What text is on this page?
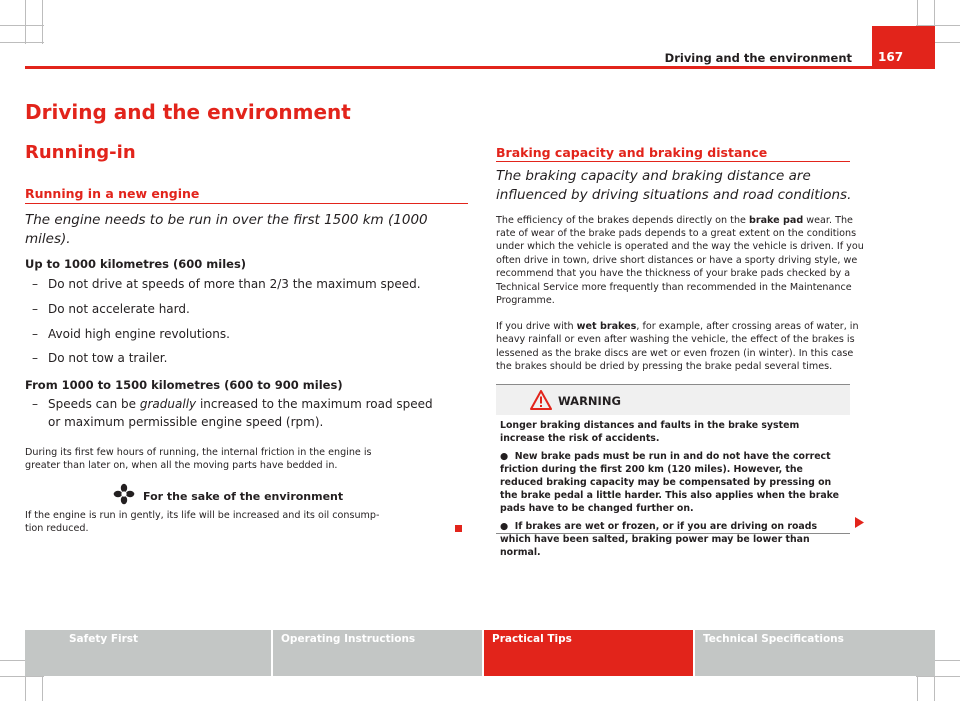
167
Driving and the environment
Driving and the environment
Running-in
Running in a new engine
The engine needs to be run in over the first 1500 km (1000 miles).
Up to 1000 kilometres (600 miles)
– Do not drive at speeds of more than 2/3 the maximum speed.
– Do not accelerate hard.
– Avoid high engine revolutions.
– Do not tow a trailer.
From 1000 to 1500 kilometres (600 to 900 miles)
– Speeds can be gradually increased to the maximum road speed
or maximum permissible engine speed (rpm).
During its first few hours of running, the internal friction in the engine is
greater than later on, when all the moving parts have bedded in.
For the sake of the environment
If the engine is run in gently, its life will be increased and its oil consump-
tion reduced.
Braking capacity and braking distance
The braking capacity and braking distance are influenced by driving situations and road conditions.
The efficiency of the brakes depends directly on the brake pad wear. The
rate of wear of the brake pads depends to a great extent on the conditions
under which the vehicle is operated and the way the vehicle is driven. If you
often drive in town, drive short distances or have a sporty driving style, we
recommend that you have the thickness of your brake pads checked by a
Technical Service more frequently than recommended in the Maintenance
Programme.
If you drive with wet brakes, for example, after crossing areas of water, in
heavy rainfall or even after washing the vehicle, the effect of the brakes is
lessened as the brake discs are wet or even frozen (in winter). In this case
the brakes should be dried by pressing the brake pedal several times.
WARNING

Longer braking distances and faults in the brake system increase the risk of accidents.

●  New brake pads must be run in and do not have the correct friction during the first 200 km (120 miles). However, the reduced braking capacity may be compensated by pressing on the brake pedal a little harder. This also applies when the brake pads have to be changed further on.

●  If brakes are wet or frozen, or if you are driving on roads which have been salted, braking power may be lower than normal.

Safety First	Operating Instructions	Practical Tips	Technical Specifications
